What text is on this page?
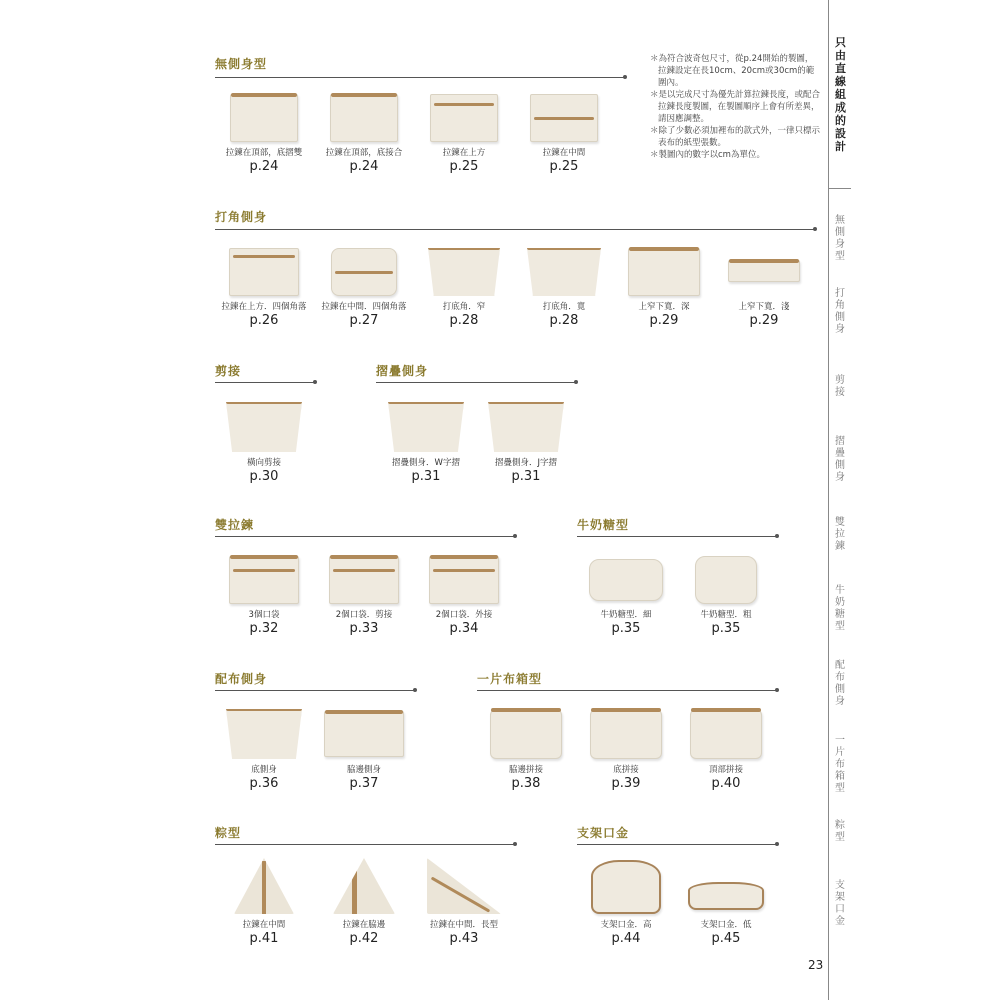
只由直線組成的設計
無側身型
打角側身
剪接
摺疊側身
雙拉鍊
牛奶糖型
配布側身
一片布箱型
粽型
支架口金
23

＊為符合波奇包尺寸，從p.24開始的製圖，拉鍊設定在長10cm、20cm或30cm的範圍內。

＊是以完成尺寸為優先計算拉鍊長度，或配合拉鍊長度製圖，在製圖順序上會有所差異，請因應調整。

＊除了少數必須加裡布的款式外，一律只標示表布的紙型張數。

＊製圖內的數字以cm為單位。

無側身型
拉鍊在頂部，底摺雙
p.24
拉鍊在頂部，底接合
p.24
拉鍊在上方
p.25
拉鍊在中間
p.25
打角側身
拉鍊在上方．四個角落
p.26
拉鍊在中間．四個角落
p.27
打底角．窄
p.28
打底角．寬
p.28
上窄下寬．深
p.29
上窄下寬．淺
p.29
剪接
橫向剪接
p.30
摺疊側身
摺疊側身．W字摺
p.31
摺疊側身．J字摺
p.31
雙拉鍊
3個口袋
p.32
2個口袋．剪接
p.33
2個口袋．外接
p.34
牛奶糖型
牛奶糖型．細
p.35
牛奶糖型．粗
p.35
配布側身
底側身
p.36
脇邊側身
p.37
一片布箱型
脇邊拼接
p.38
底拼接
p.39
頂部拼接
p.40
粽型
拉鍊在中間
p.41
拉鍊在脇邊
p.42
拉鍊在中間．長型
p.43
支架口金
支架口金．高
p.44
支架口金．低
p.45
